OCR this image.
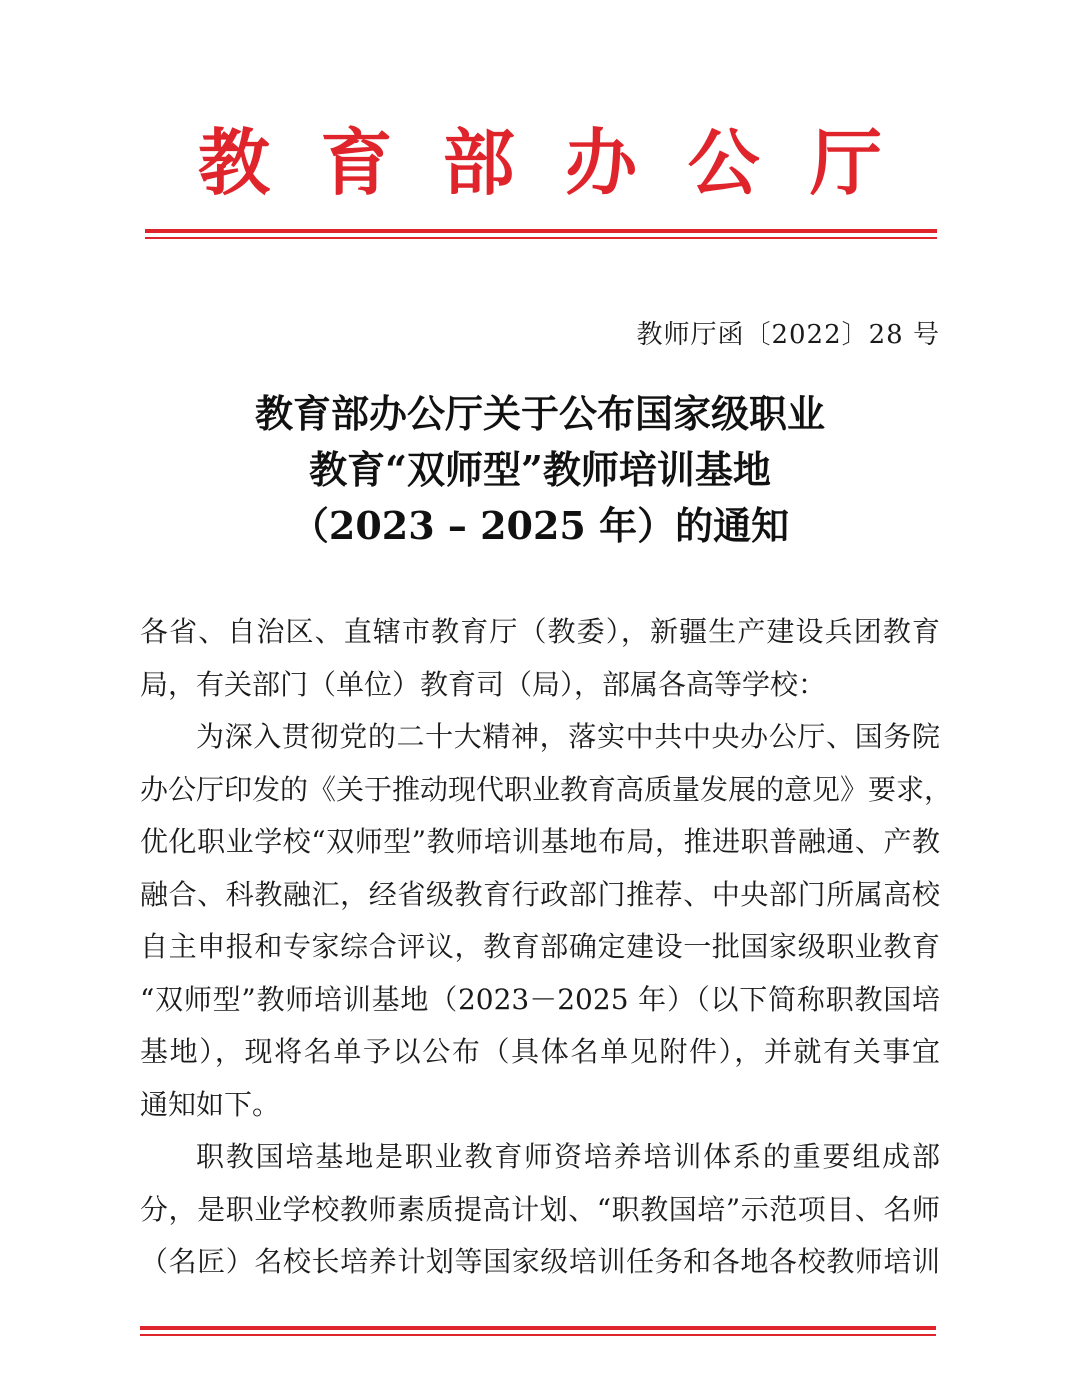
教 育 部 办 公 厅
教师厅函〔2022〕28 号
教育部办公厅关于公布国家级职业
教育“双师型”教师培训基地
（2023 – 2025 年）的通知
各省、自治区、直辖市教育厅（教委），新疆生产建设兵团教育
局，有关部门（单位）教育司（局），部属各高等学校：
为深入贯彻党的二十大精神，落实中共中央办公厅、国务院
办公厅印发的《关于推动现代职业教育高质量发展的意见》要求，
优化职业学校“双师型”教师培训基地布局，推进职普融通、产教
融合、科教融汇，经省级教育行政部门推荐、中央部门所属高校
自主申报和专家综合评议，教育部确定建设一批国家级职业教育
“双师型”教师培训基地（2023－2025 年）（以下简称职教国培
基地），现将名单予以公布（具体名单见附件），并就有关事宜
通知如下。
职教国培基地是职业教育师资培养培训体系的重要组成部
分，是职业学校教师素质提高计划、“职教国培”示范项目、名师
（名匠）名校长培养计划等国家级培训任务和各地各校教师培训
